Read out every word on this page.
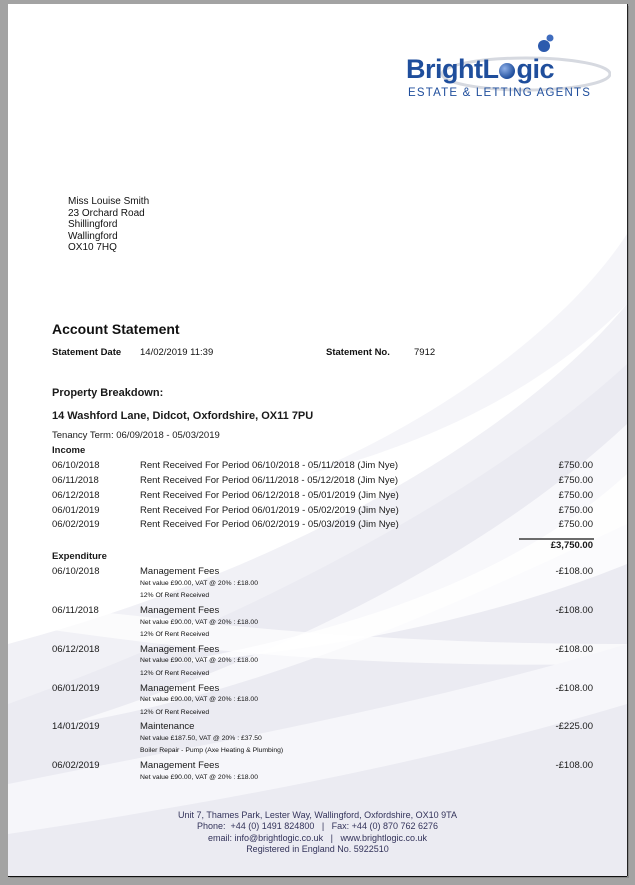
BrightL gic
ESTATE & LETTING AGENTS
Miss Louise Smith
23 Orchard Road
Shillingford
Wallingford
OX10 7HQ
Account Statement
Statement Date 14/02/2019 11:39	Statement No.	7912
Property Breakdown:
14 Washford Lane, Didcot, Oxfordshire, OX11 7PU
Tenancy Term: 06/09/2018 - 05/03/2019
Income
06/10/2018	Rent Received For Period 06/10/2018 - 05/11/2018 (Jim Nye)	£750.00
06/11/2018	Rent Received For Period 06/11/2018 - 05/12/2018 (Jim Nye)	£750.00
06/12/2018	Rent Received For Period 06/12/2018 - 05/01/2019 (Jim Nye)	£750.00
06/01/2019	Rent Received For Period 06/01/2019 - 05/02/2019 (Jim Nye)	£750.00
06/02/2019	Rent Received For Period 06/02/2019 - 05/03/2019 (Jim Nye)	£750.00
£3,750.00
Expenditure
06/10/2018	Management Fees	-£108.00
Net value £90.00, VAT @ 20% : £18.00
12% Of Rent Received
06/11/2018	Management Fees	-£108.00
Net value £90.00, VAT @ 20% : £18.00
12% Of Rent Received
06/12/2018	Management Fees	-£108.00
Net value £90.00, VAT @ 20% : £18.00
12% Of Rent Received
06/01/2019	Management Fees	-£108.00
Net value £90.00, VAT @ 20% : £18.00
12% Of Rent Received
14/01/2019	Maintenance	-£225.00
Net value £187.50, VAT @ 20% : £37.50
Boiler Repair - Pump (Axe Heating & Plumbing)
06/02/2019	Management Fees	-£108.00
Net value £90.00, VAT @ 20% : £18.00
Unit 7, Thames Park, Lester Way, Wallingford, Oxfordshire, OX10 9TA
Phone:  +44 (0) 1491 824800   |   Fax: +44 (0) 870 762 6276
email: info@brightlogic.co.uk   |   www.brightlogic.co.uk
Registered in England No. 5922510
